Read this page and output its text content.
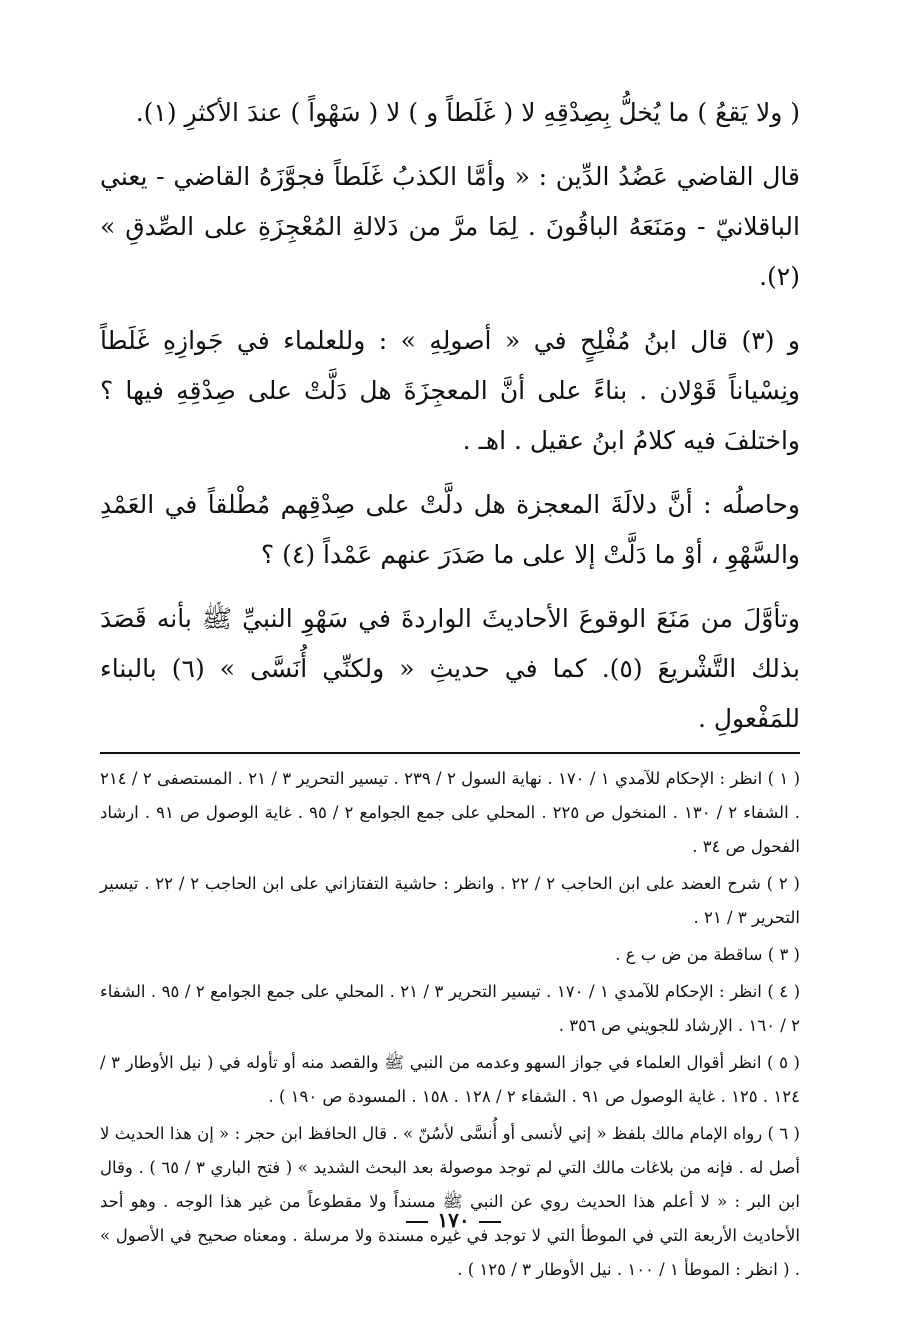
( ولا يَقعُ ) ما يُخلُّ بِصِدْقِهِ لا ( غَلَطاً و ) لا ( سَهْواً ) عندَ الأكثرِ (١).

قال القاضي عَضُدُ الدِّين : « وأمَّا الكذبُ غَلَطاً فجوَّزَهُ القاضي - يعني الباقلانيّ - ومَنَعَهُ الباقُونَ . لِمَا مرَّ من دَلالةِ المُعْجِزَةِ على الصِّدقِ » (٢).

و (٣) قال ابنُ مُفْلِحٍ في « أصولِهِ » : وللعلماء في جَوازِهِ غَلَطاً ونِسْياناً قَوْلان . بناءً على أنَّ المعجِزَةَ هل دَلَّتْ على صِدْقِهِ فيها ؟ واختلفَ فيه كلامُ ابنُ عقيل . اهـ .

وحاصلُه : أنَّ دلالَةَ المعجزة هل دلَّتْ على صِدْقِهم مُطْلقاً في العَمْدِ والسَّهْوِ ، أوْ ما دَلَّتْ إلا على ما صَدَرَ عنهم عَمْداً (٤) ؟

وتأوَّلَ من مَنَعَ الوقوعَ الأحاديثَ الواردةَ في سَهْوِ النبيِّ ﷺ بأنه قَصَدَ بذلك التَّشْريعَ (٥). كما في حديثِ « ولكنِّي أُنَسَّى » (٦) بالبناء للمَفْعولِ .

( ١ ) انظر : الإحكام للآمدي ١ / ١٧٠ . نهاية السول ٢ / ٢٣٩ . تيسير التحرير ٣ / ٢١ . المستصفى ٢ / ٢١٤ . الشفاء ٢ / ١٣٠ . المنخول ص ٢٢٥ . المحلي على جمع الجوامع ٢ / ٩٥ . غاية الوصول ص ٩١ . ارشاد الفحول ص ٣٤ .

( ٢ ) شرح العضد على ابن الحاجب ٢ / ٢٢ . وانظر : حاشية التفتازاني على ابن الحاجب ٢ / ٢٢ . تيسير التحرير ٣ / ٢١ .

( ٣ ) ساقطة من ض ب ع .

( ٤ ) انظر : الإحكام للآمدي ١ / ١٧٠ . تيسير التحرير ٣ / ٢١ . المحلي على جمع الجوامع ٢ / ٩٥ . الشفاء ٢ / ١٦٠ . الإرشاد للجويني ص ٣٥٦ .

( ٥ ) انظر أقوال العلماء في جواز السهو وعدمه من النبي ﷺ والقصد منه أو تأوله في ( نيل الأوطار ٣ / ١٢٤ . ١٢٥ . غاية الوصول ص ٩١ . الشفاء ٢ / ١٢٨ . ١٥٨ . المسودة ص ١٩٠ ) .

( ٦ ) رواه الإمام مالك بلفظ « إني لأنسى أو أُنسَّى لأسُنّ » . قال الحافظ ابن حجر : « إن هذا الحديث لا أصل له . فإنه من بلاغات مالك التي لم توجد موصولة بعد البحث الشديد » ( فتح الباري ٣ / ٦٥ ) . وقال ابن البر : « لا أعلم هذا الحديث روي عن النبي ﷺ مسنداً ولا مقطوعاً من غير هذا الوجه . وهو أحد الأحاديث الأربعة التي في الموطأ التي لا توجد في غيره مسندة ولا مرسلة . ومعناه صحيح في الأصول » . ( انظر : الموطأ ١ / ١٠٠ . نيل الأوطار ٣ / ١٢٥ ) .

١٧٠
